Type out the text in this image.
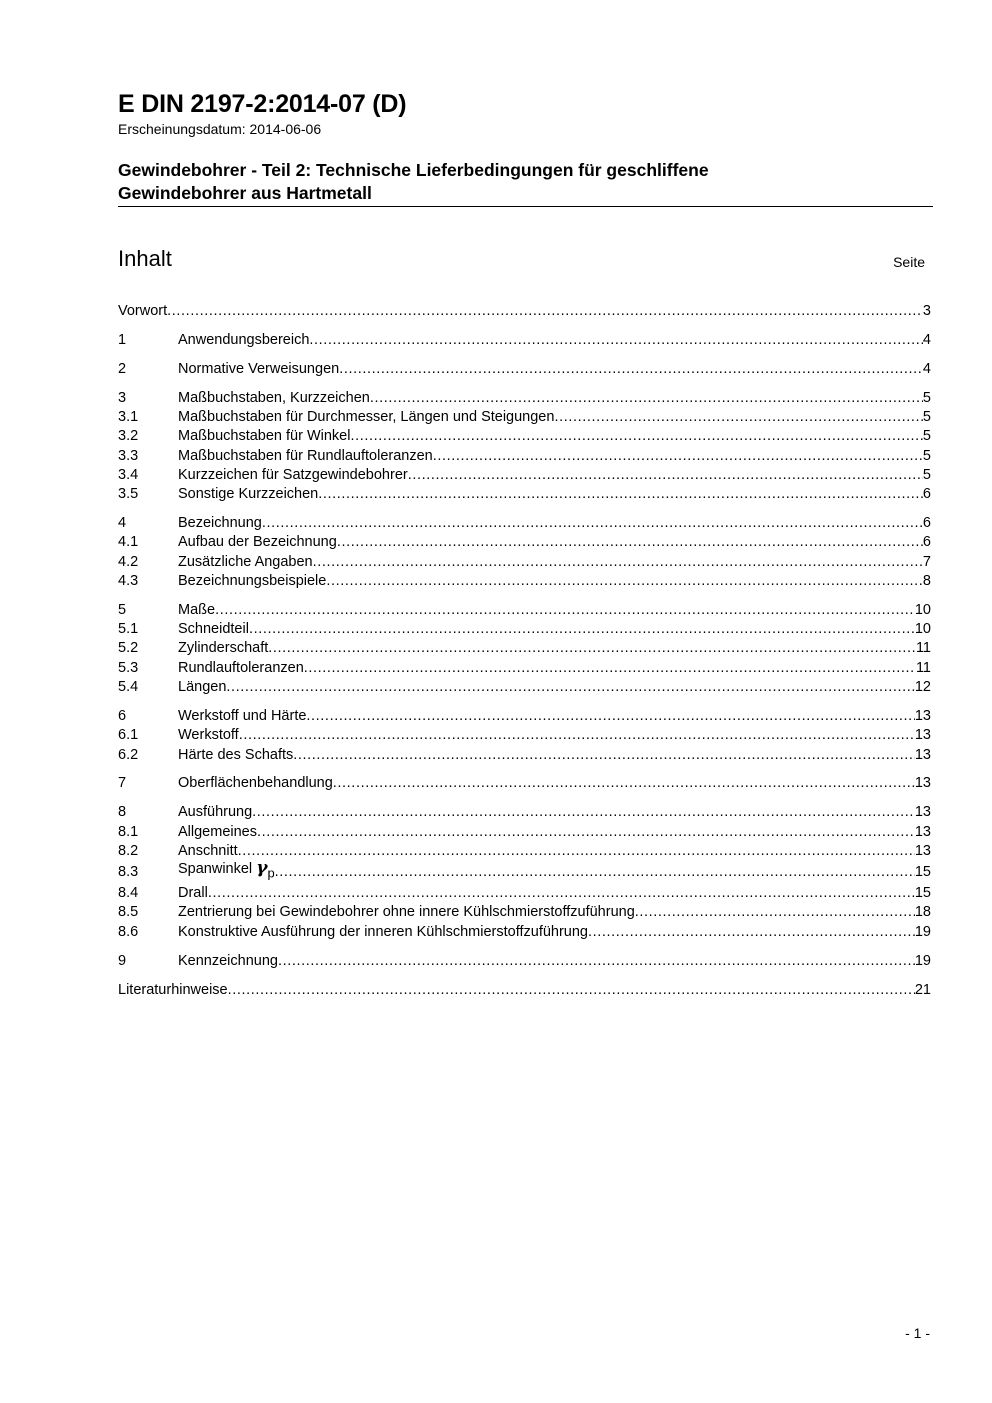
E DIN 2197-2:2014-07 (D)
Erscheinungsdatum: 2014-06-06
Gewindebohrer - Teil 2: Technische Lieferbedingungen für geschliffene
Gewindebohrer aus Hartmetall
Inhalt	Seite
Vorwort .....	3
1	Anwendungsbereich .....	4
2	Normative Verweisungen .....	4
3	Maßbuchstaben, Kurzzeichen .....	5
3.1	Maßbuchstaben für Durchmesser, Längen und Steigungen .....	5
3.2	Maßbuchstaben für Winkel .....	5
3.3	Maßbuchstaben für Rundlauftoleranzen .....	5
3.4	Kurzzeichen für Satzgewindebohrer .....	5
3.5	Sonstige Kurzzeichen .....	6
4	Bezeichnung .....	6
4.1	Aufbau der Bezeichnung .....	6
4.2	Zusätzliche Angaben .....	7
4.3	Bezeichnungsbeispiele .....	8
5	Maße .....	10
5.1	Schneidteil .....	10
5.2	Zylinderschaft .....	11
5.3	Rundlauftoleranzen .....	11
5.4	Längen .....	12
6	Werkstoff und Härte .....	13
6.1	Werkstoff .....	13
6.2	Härte des Schafts .....	13
7	Oberflächenbehandlung .....	13
8	Ausführung .....	13
8.1	Allgemeines .....	13
8.2	Anschnitt .....	13
8.3	Spanwinkel $\gamma_p$ .....	15
8.4	Drall .....	15
8.5	Zentrierung bei Gewindebohrer ohne innere Kühlschmierstoffzuführung .....	18
8.6	Konstruktive Ausführung der inneren Kühlschmierstoffzuführung .....	19
9	Kennzeichnung .....	19
Literaturhinweise .....	21
- 1 -
